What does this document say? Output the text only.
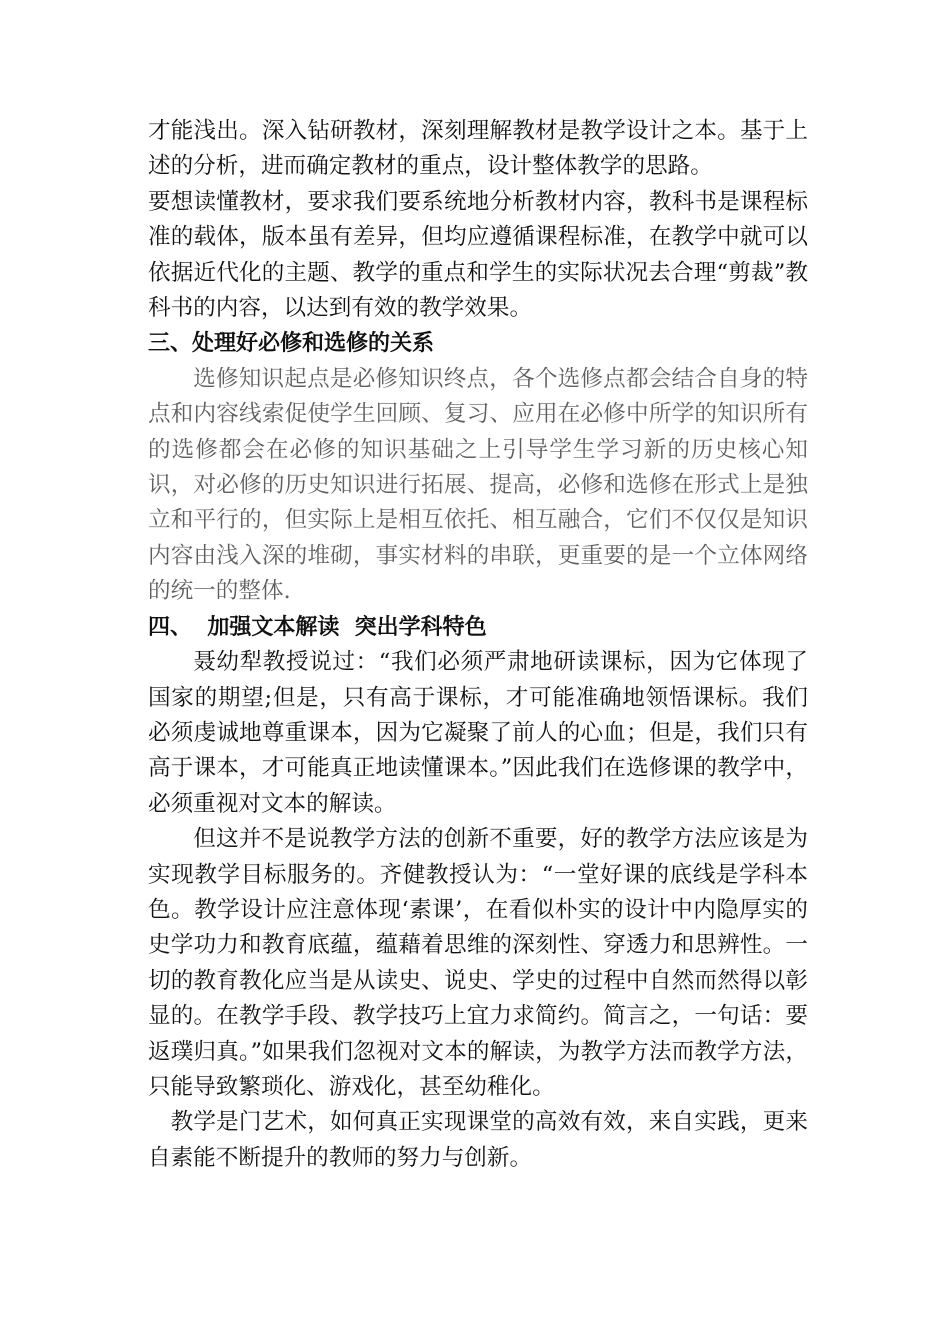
才能浅出。深入钻研教材，深刻理解教材是教学设计之本。基于上述的分析，进而确定教材的重点，设计整体教学的思路。

要想读懂教材，要求我们要系统地分析教材内容，教科书是课程标准的载体，版本虽有差异，但均应遵循课程标准，在教学中就可以依据近代化的主题、教学的重点和学生的实际状况去合理“剪裁”教科书的内容，以达到有效的教学效果。

三、处理好必修和选修的关系

选修知识起点是必修知识终点，各个选修点都会结合自身的特点和内容线索促使学生回顾、复习、应用在必修中所学的知识所有的选修都会在必修的知识基础之上引导学生学习新的历史核心知识，对必修的历史知识进行拓展、提高，必修和选修在形式上是独立和平行的，但实际上是相互依托、相互融合，它们不仅仅是知识内容由浅入深的堆砌，事实材料的串联，更重要的是一个立体网络的统一的整体.

四、  加强文本解读  突出学科特色

聂幼犁教授说过：“我们必须严肃地研读课标，因为它体现了国家的期望;但是，只有高于课标，才可能准确地领悟课标。我们必须虔诚地尊重课本，因为它凝聚了前人的心血；但是，我们只有高于课本，才可能真正地读懂课本。”因此我们在选修课的教学中，必须重视对文本的解读。

但这并不是说教学方法的创新不重要，好的教学方法应该是为实现教学目标服务的。齐健教授认为：“一堂好课的底线是学科本色。教学设计应注意体现‘素课’，在看似朴实的设计中内隐厚实的史学功力和教育底蕴，蕴藉着思维的深刻性、穿透力和思辨性。一切的教育教化应当是从读史、说史、学史的过程中自然而然得以彰显的。在教学手段、教学技巧上宜力求简约。简言之，一句话：要返璞归真。”如果我们忽视对文本的解读，为教学方法而教学方法，只能导致繁琐化、游戏化，甚至幼稚化。

教学是门艺术，如何真正实现课堂的高效有效，来自实践，更来自素能不断提升的教师的努力与创新。
